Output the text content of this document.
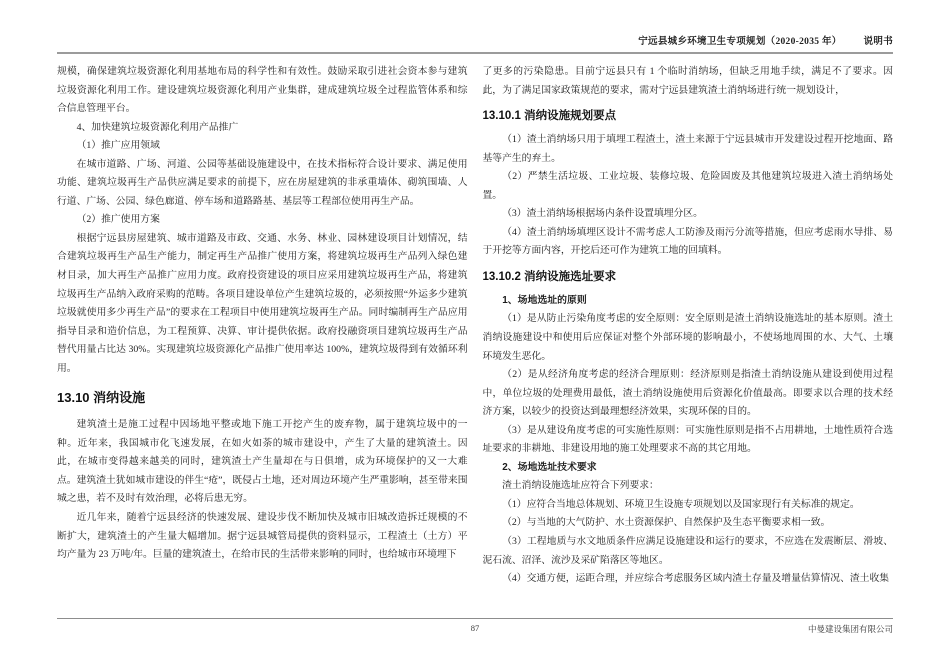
宁远县城乡环境卫生专项规划（2020-2035 年） 说明书

规模，确保建筑垃圾资源化利用基地布局的科学性和有效性。鼓励采取引进社会资本参与建筑垃圾资源化利用工作。建设建筑垃圾资源化利用产业集群，建成建筑垃圾全过程监管体系和综合信息管理平台。

4、加快建筑垃圾资源化利用产品推广

（1）推广应用领域

在城市道路、广场、河道、公园等基础设施建设中，在技术指标符合设计要求、满足使用功能、建筑垃圾再生产品供应满足要求的前提下，应在房屋建筑的非承重墙体、砌筑围墙、人行道、广场、公园、绿色廊道、停车场和道路路基、基层等工程部位使用再生产品。

（2）推广使用方案

根据宁远县房屋建筑、城市道路及市政、交通、水务、林业、园林建设项目计划情况，结合建筑垃圾再生产品生产能力，制定再生产品推广使用方案，将建筑垃圾再生产品列入绿色建材目录，加大再生产品推广应用力度。政府投资建设的项目应采用建筑垃圾再生产品，将建筑垃圾再生产品纳入政府采购的范畴。各项目建设单位产生建筑垃圾的，必须按照“外运多少建筑垃圾就使用多少再生产品”的要求在工程项目中使用建筑垃圾再生产品。同时编制再生产品应用指导目录和造价信息，为工程预算、决算、审计提供依据。政府投融资项目建筑垃圾再生产品替代用量占比达 30%。实现建筑垃圾资源化产品推广使用率达 100%，建筑垃圾得到有效循环利用。

13.10 消纳设施

建筑渣土是施工过程中因场地平整或地下施工开挖产生的废弃物，属于建筑垃圾中的一种。近年来，我国城市化飞速发展，在如火如荼的城市建设中，产生了大量的建筑渣土。因此，在城市变得越来越美的同时，建筑渣土产生量却在与日俱增，成为环境保护的又一大难点。建筑渣土犹如城市建设的伴生“疮”，既侵占土地，还对周边环境产生严重影响，甚至带来围城之患，若不及时有效治理，必将后患无穷。

近几年来，随着宁远县经济的快速发展、建设步伐不断加快及城市旧城改造拆迁规模的不断扩大，建筑渣土的产生量大幅增加。据宁远县城管局提供的资料显示，工程渣土（土方）平均产量为 23 万吨/年。巨量的建筑渣土，在给市民的生活带来影响的同时，也给城市环境埋下

了更多的污染隐患。目前宁远县只有 1 个临时消纳场，但缺乏用地手续，满足不了要求。因此，为了满足国家政策规范的要求，需对宁远县建筑渣土消纳场进行统一规划设计，

13.10.1 消纳设施规划要点

（1）渣土消纳场只用于填埋工程渣土，渣土来源于宁远县城市开发建设过程开挖地面、路基等产生的弃土。

（2）严禁生活垃圾、工业垃圾、装修垃圾、危险固废及其他建筑垃圾进入渣土消纳场处置。

（3）渣土消纳场根据场内条件设置填埋分区。

（4）渣土消纳场填埋区设计不需考虑人工防渗及雨污分流等措施，但应考虑雨水导排、易于开挖等方面内容，开挖后还可作为建筑工地的回填料。

13.10.2 消纳设施选址要求

1、场地选址的原则

（1）是从防止污染角度考虑的安全原则：安全原则是渣土消纳设施选址的基本原则。渣土消纳设施建设中和使用后应保证对整个外部环境的影响最小，不使场地周围的水、大气、土壤环境发生恶化。

（2）是从经济角度考虑的经济合理原则：经济原则是指渣土消纳设施从建设到使用过程中，单位垃圾的处理费用最低，渣土消纳设施使用后资源化价值最高。即要求以合理的技术经济方案，以较少的投资达到最理想经济效果，实现环保的目的。

（3）是从建设角度考虑的可实施性原则：可实施性原则是指不占用耕地，土地性质符合选址要求的非耕地、非建设用地的施工处理要求不高的其它用地。

2、场地选址技术要求

渣土消纳设施选址应符合下列要求：

（1）应符合当地总体规划、环境卫生设施专项规划以及国家现行有关标准的规定。

（2）与当地的大气防护、水土资源保护、自然保护及生态平衡要求相一致。

（3）工程地质与水文地质条件应满足设施建设和运行的要求，不应选在发震断层、滑坡、泥石流、沼泽、流沙及采矿陷落区等地区。

（4）交通方便，运距合理，并应综合考虑服务区域内渣土存量及增量估算情况、渣土收集

87	中曼建设集团有限公司
